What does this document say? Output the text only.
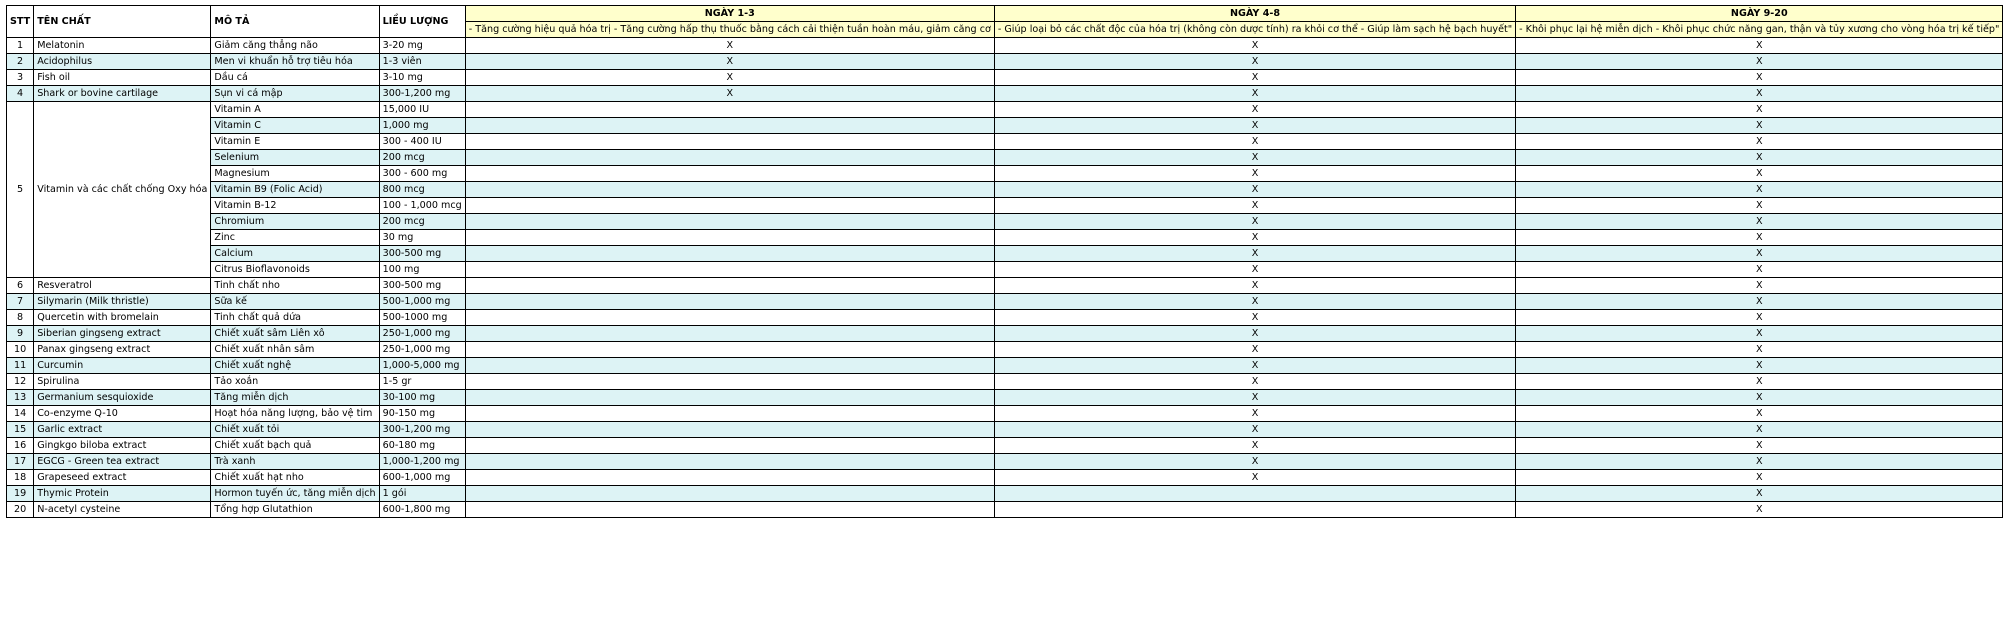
STT	TÊN CHẤT	MÔ TẢ	LIỀU LƯỢNG	NGÀY 1-3	NGÀY 4-8	NGÀY 9-20
				- Tăng cường hiệu quả hóa trị - Tăng cường hấp thụ thuốc bằng cách cải thiện tuần hoàn máu, giảm căng cơ	- Giúp loại bỏ các chất độc của hóa trị (không còn dược tính) ra khỏi cơ thể - Giúp làm sạch hệ bạch huyết"	- Khôi phục lại hệ miễn dịch - Khôi phục chức năng gan, thận và tủy xương cho vòng hóa trị kế tiếp"
1	Melatonin	Giảm căng thẳng não	3-20 mg	X	X	X
2	Acidophilus	Men vi khuẩn hỗ trợ tiêu hóa	1-3 viên	X	X	X
3	Fish oil	Dầu cá	3-10 mg	X	X	X
4	Shark or bovine cartilage	Sụn vi cá mập	300-1,200 mg	X	X	X
5	Vitamin và các chất chống Oxy hóa	Vitamin A	15,000 IU		X	X
		Vitamin C	1,000 mg		X	X
		Vitamin E	300 - 400 IU		X	X
		Selenium	200 mcg		X	X
		Magnesium	300 - 600 mg		X	X
		Vitamin B9 (Folic Acid)	800 mcg		X	X
		Vitamin B-12	100 - 1,000 mcg		X	X
		Chromium	200 mcg		X	X
		Zinc	30 mg		X	X
		Calcium	300-500 mg		X	X
		Citrus Bioflavonoids	100 mg		X	X
6	Resveratrol	Tinh chất nho	300-500 mg		X	X
7	Silymarin (Milk thristle)	Sữa kế	500-1,000 mg		X	X
8	Quercetin with bromelain	Tinh chất quả dứa	500-1000 mg		X	X
9	Siberian gingseng extract	Chiết xuất sâm Liên xô	250-1,000 mg		X	X
10	Panax gingseng extract	Chiết xuất nhân sâm	250-1,000 mg		X	X
11	Curcumin	Chiết xuất nghệ	1,000-5,000 mg		X	X
12	Spirulina	Tảo xoắn	1-5 gr		X	X
13	Germanium sesquioxide	Tăng miễn dịch	30-100 mg		X	X
14	Co-enzyme Q-10	Hoạt hóa năng lượng, bảo vệ tim	90-150 mg		X	X
15	Garlic extract	Chiết xuất tỏi	300-1,200 mg		X	X
16	Gingkgo biloba extract	Chiết xuất bạch quả	60-180 mg		X	X
17	EGCG - Green tea extract	Trà xanh	1,000-1,200 mg		X	X
18	Grapeseed extract	Chiết xuất hạt nho	600-1,000 mg		X	X
19	Thymic Protein	Hormon tuyến ức, tăng miễn dịch	1 gói			X
20	N-acetyl cysteine	Tổng hợp Glutathion	600-1,800 mg			X
